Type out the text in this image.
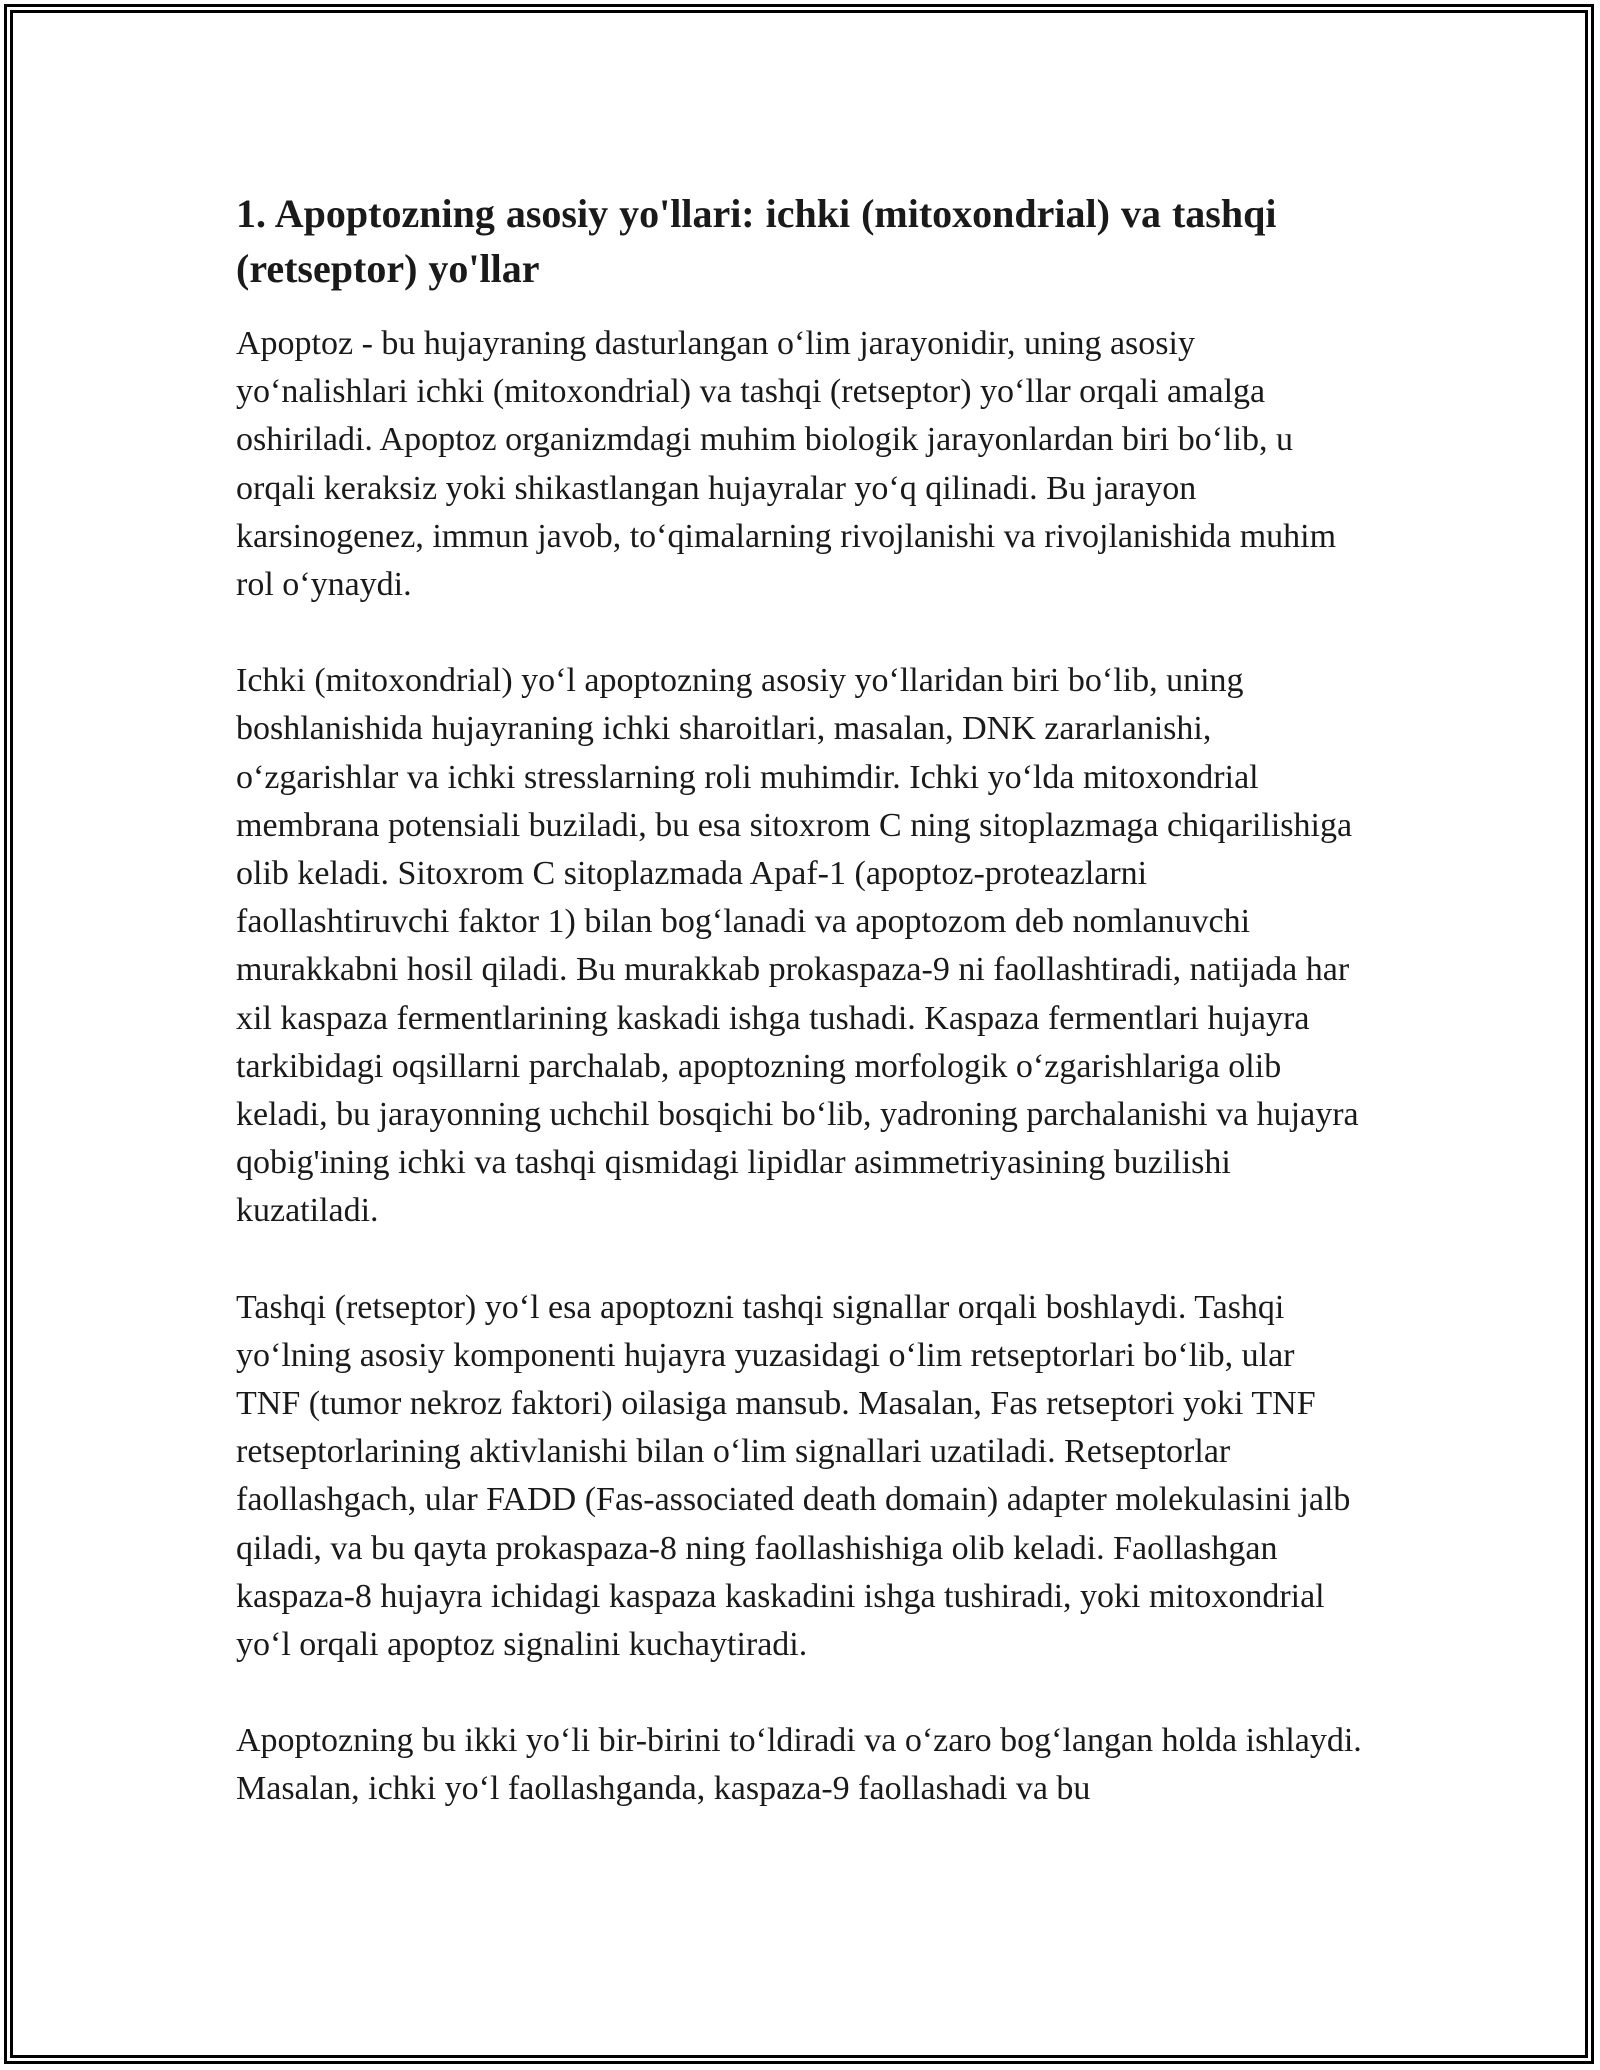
1. Apoptozning asosiy yo'llari: ichki (mitoxondrial) va tashqi (retseptor) yo'llar

Apoptoz - bu hujayraning dasturlangan oʻlim jarayonidir, uning asosiy yoʻnalishlari ichki (mitoxondrial) va tashqi (retseptor) yoʻllar orqali amalga oshiriladi. Apoptoz organizmdagi muhim biologik jarayonlardan biri boʻlib, u orqali keraksiz yoki shikastlangan hujayralar yoʻq qilinadi. Bu jarayon karsinogenez, immun javob, toʻqimalarning rivojlanishi va rivojlanishida muhim rol oʻynaydi.

Ichki (mitoxondrial) yoʻl apoptozning asosiy yoʻllaridan biri boʻlib, uning boshlanishida hujayraning ichki sharoitlari, masalan, DNK zararlanishi, oʻzgarishlar va ichki stresslarning roli muhimdir. Ichki yoʻlda mitoxondrial membrana potensiali buziladi, bu esa sitoxrom C ning sitoplazmaga chiqarilishiga olib keladi. Sitoxrom C sitoplazmada Apaf-1 (apoptoz-proteazlarni faollashtiruvchi faktor 1) bilan bogʻlanadi va apoptozom deb nomlanuvchi murakkabni hosil qiladi. Bu murakkab prokaspaza-9 ni faollashtiradi, natijada har xil kaspaza fermentlarining kaskadi ishga tushadi. Kaspaza fermentlari hujayra tarkibidagi oqsillarni parchalab, apoptozning morfologik oʻzgarishlariga olib keladi, bu jarayonning uchchil bosqichi boʻlib, yadroning parchalanishi va hujayra qobig'ining ichki va tashqi qismidagi lipidlar asimmetriyasining buzilishi kuzatiladi.

Tashqi (retseptor) yoʻl esa apoptozni tashqi signallar orqali boshlaydi. Tashqi yoʻlning asosiy komponenti hujayra yuzasidagi oʻlim retseptorlari boʻlib, ular TNF (tumor nekroz faktori) oilasiga mansub. Masalan, Fas retseptori yoki TNF retseptorlarining aktivlanishi bilan oʻlim signallari uzatiladi. Retseptorlar faollashgach, ular FADD (Fas-associated death domain) adapter molekulasini jalb qiladi, va bu qayta prokaspaza-8 ning faollashishiga olib keladi. Faollashgan kaspaza-8 hujayra ichidagi kaspaza kaskadini ishga tushiradi, yoki mitoxondrial yoʻl orqali apoptoz signalini kuchaytiradi.

Apoptozning bu ikki yoʻli bir-birini toʻldiradi va oʻzaro bogʻlangan holda ishlaydi. Masalan, ichki yoʻl faollashganda, kaspaza-9 faollashadi va bu
